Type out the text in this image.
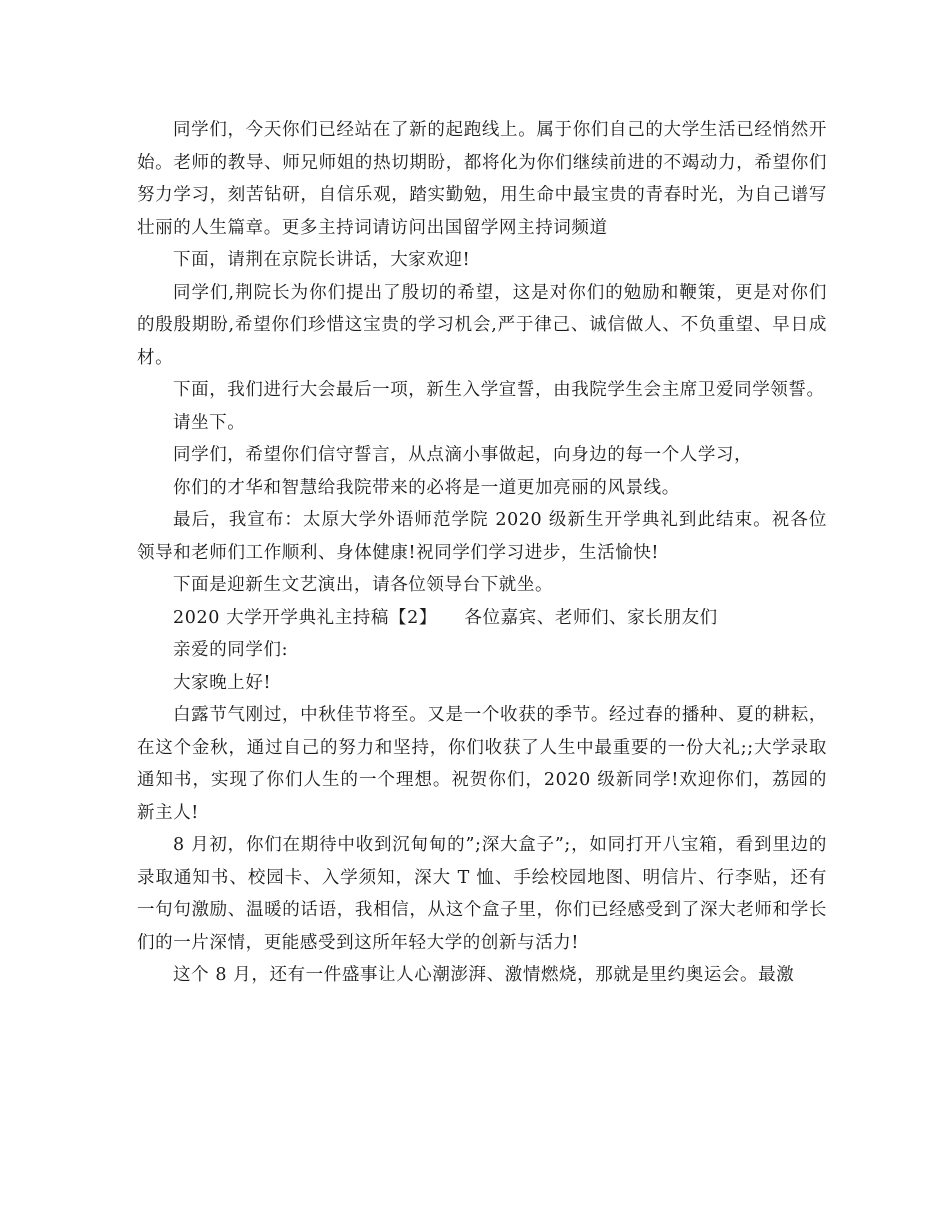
同学们，今天你们已经站在了新的起跑线上。属于你们自己的大学生活已经悄然开始。老师的教导、师兄师姐的热切期盼，都将化为你们继续前进的不竭动力，希望你们努力学习，刻苦钻研，自信乐观，踏实勤勉，用生命中最宝贵的青春时光，为自己谱写壮丽的人生篇章。更多主持词请访问出国留学网主持词频道

下面，请荆在京院长讲话，大家欢迎!

同学们,荆院长为你们提出了殷切的希望，这是对你们的勉励和鞭策，更是对你们的殷殷期盼,希望你们珍惜这宝贵的学习机会,严于律己、诚信做人、不负重望、早日成材。

下面，我们进行大会最后一项，新生入学宣誓，由我院学生会主席卫爱同学领誓。

请坐下。

同学们，希望你们信守誓言，从点滴小事做起，向身边的每一个人学习，

你们的才华和智慧给我院带来的必将是一道更加亮丽的风景线。

最后，我宣布：太原大学外语师范学院 2020 级新生开学典礼到此结束。祝各位领导和老师们工作顺利、身体健康!祝同学们学习进步，生活愉快!

下面是迎新生文艺演出，请各位领导台下就坐。

2020 大学开学典礼主持稿【2】　　各位嘉宾、老师们、家长朋友们

亲爱的同学们:

大家晚上好!

白露节气刚过，中秋佳节将至。又是一个收获的季节。经过春的播种、夏的耕耘，在这个金秋，通过自己的努力和坚持，你们收获了人生中最重要的一份大礼;;大学录取通知书，实现了你们人生的一个理想。祝贺你们，2020 级新同学!欢迎你们，荔园的新主人!

8 月初，你们在期待中收到沉甸甸的”;深大盒子”;，如同打开八宝箱，看到里边的录取通知书、校园卡、入学须知，深大 T 恤、手绘校园地图、明信片、行李贴，还有一句句激励、温暖的话语，我相信，从这个盒子里，你们已经感受到了深大老师和学长们的一片深情，更能感受到这所年轻大学的创新与活力!

这个 8 月，还有一件盛事让人心潮澎湃、激情燃烧，那就是里约奥运会。最激
